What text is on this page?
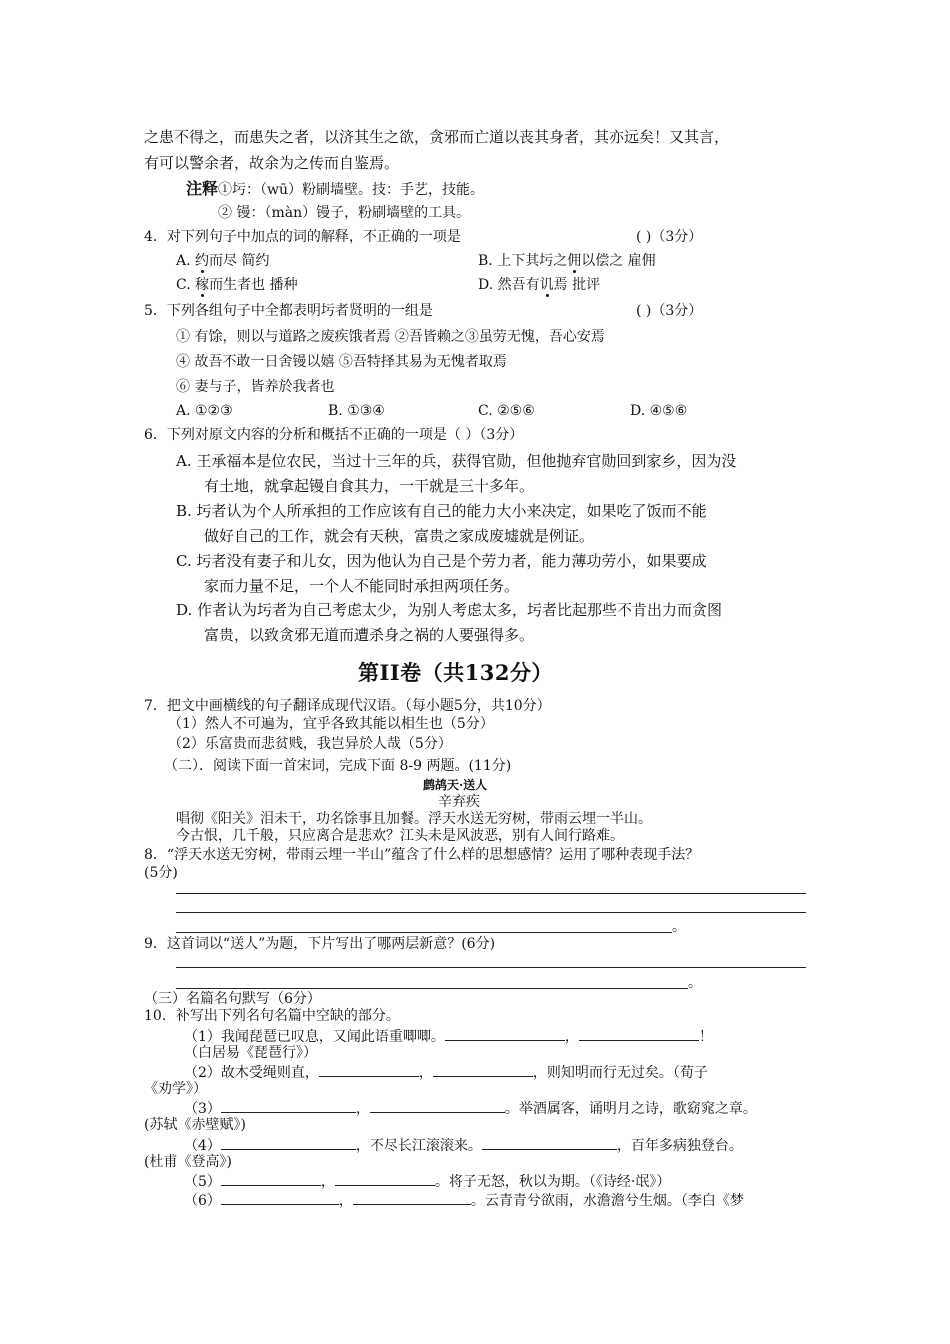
之患不得之，而患失之者，以济其生之欲，贪邪而亡道以丧其身者，其亦远矣！又其言，
有可以警余者，故余为之传而自鉴焉。
注释①圬：（wū）粉刷墙壁。技：手艺，技能。
② 镘：（màn）镘子，粉刷墙壁的工具。
4．对下列句子中加点的词的解释，不正确的一项是	( )（3分）
A. 约而尽 简约	B. 上下其圬之佣以偿之 雇佣
C. 稼而生者也 播种	D. 然吾有讥焉 批评
5．下列各组句子中全都表明圬者贤明的一组是	( )（3分）
① 有馀，则以与道路之废疾饿者焉 ②吾皆赖之③虽劳无愧，吾心安焉
④ 故吾不敢一日舍镘以嬉 ⑤吾特择其易为无愧者取焉
⑥ 妻与子，皆养於我者也
A. ①②③	B. ①③④	C. ②⑤⑥	D. ④⑤⑥
6．下列对原文内容的分析和概括不正确的一项是（ ）（3分）
A. 王承福本是位农民，当过十三年的兵，获得官勋，但他抛弃官勋回到家乡，因为没
有土地，就拿起镘自食其力，一干就是三十多年。
B. 圬者认为个人所承担的工作应该有自己的能力大小来决定，如果吃了饭而不能
做好自己的工作，就会有天秧，富贵之家成废墟就是例证。
C. 圬者没有妻子和儿女，因为他认为自己是个劳力者，能力薄功劳小，如果要成
家而力量不足，一个人不能同时承担两项任务。
D. 作者认为圬者为自己考虑太少，为别人考虑太多，圬者比起那些不肯出力而贪图
富贵，以致贪邪无道而遭杀身之祸的人要强得多。
第II卷（共132分）
7．把文中画横线的句子翻译成现代汉语。（每小题5分，共10分）
（1）然人不可遍为，宜乎各致其能以相生也（5分）
（2）乐富贵而悲贫贱，我岂异於人哉（5分）
（二）．阅读下面一首宋词，完成下面 8-9 两题。(11分)
鹧鸪天·送人
辛弃疾
唱彻《阳关》泪未干，功名馀事且加餐。浮天水送无穷树，带雨云埋一半山。
今古恨，几千般，只应离合是悲欢？江头未是风波恶，别有人间行路难。
8．“浮天水送无穷树，带雨云埋一半山”蕴含了什么样的思想感情？运用了哪种表现手法？
(5分)
。
9．这首词以“送人”为题，下片写出了哪两层新意？(6分)
。
（三）名篇名句默写（6分）
10．补写出下列名句名篇中空缺的部分。
（1）我闻琵琶已叹息，又闻此语重唧唧。	，	！
（白居易《琵琶行》）
（2）故木受绳则直，	，	，则知明而行无过矣。（荀子
《劝学》）
（3）	，	。举酒属客，诵明月之诗，歌窈窕之章。
(苏轼《赤壁赋》)
（4）	，不尽长江滚滚来。	，百年多病独登台。
(杜甫《登高》)
（5）	，	。将子无怒，秋以为期。（《诗经·氓》）
（6）	，	。云青青兮欲雨，水澹澹兮生烟。（李白《梦
